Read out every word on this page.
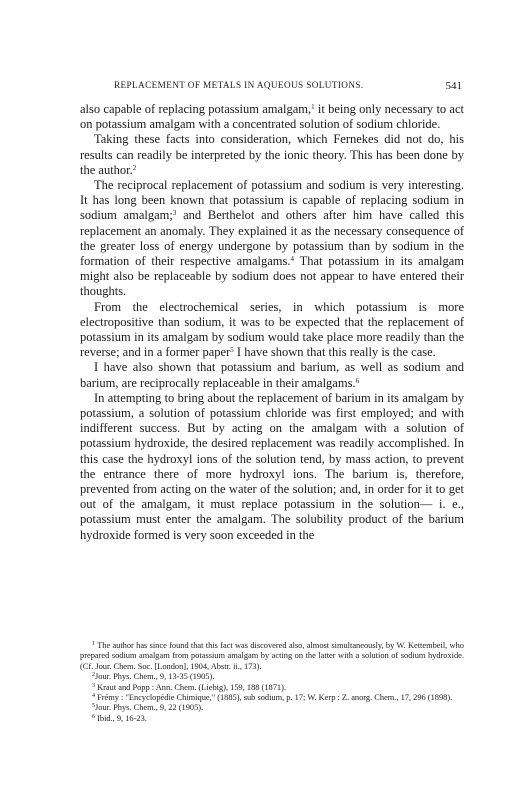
REPLACEMENT OF METALS IN AQUEOUS SOLUTIONS.	541

also capable of replacing potassium amalgam,$^1$ it being only necessary to act on potassium amalgam with a concentrated solution of sodium chloride.

Taking these facts into consideration, which Fernekes did not do, his results can readily be interpreted by the ionic theory. This has been done by the author.$^2$

The reciprocal replacement of potassium and sodium is very interesting. It has long been known that potassium is capable of replacing sodium in sodium amalgam;$^3$ and Berthelot and others after him have called this replacement an anomaly. They explained it as the necessary consequence of the greater loss of energy undergone by potassium than by sodium in the formation of their respective amalgams.$^4$ That potassium in its amalgam might also be replaceable by sodium does not appear to have entered their thoughts.

From the electrochemical series, in which potassium is more electropositive than sodium, it was to be expected that the replacement of potassium in its amalgam by sodium would take place more readily than the reverse; and in a former paper$^5$ I have shown that this really is the case.

I have also shown that potassium and barium, as well as sodium and barium, are reciprocally replaceable in their amalgams.$^6$

In attempting to bring about the replacement of barium in its amalgam by potassium, a solution of potassium chloride was first employed; and with indifferent success. But by acting on the amalgam with a solution of potassium hydroxide, the desired replacement was readily accomplished. In this case the hydroxyl ions of the solution tend, by mass action, to prevent the entrance there of more hydroxyl ions. The barium is, therefore, prevented from acting on the water of the solution; and, in order for it to get out of the amalgam, it must replace potassium in the solution— i. e., potassium must enter the amalgam. The solubility product of the barium hydroxide formed is very soon exceeded in the

$^1$ The author has since found that this fact was discovered also, almost simultaneously, by W. Kettembeil, who prepared sodium amalgam from potassium amalgam by acting on the latter with a solution of sodium hydroxide. (Cf. Jour. Chem. Soc. [London], 1904, Abstr. ii., 173).

$^2$Jour. Phys. Chem., 9, 13-35 (1905).

$^3$ Kraut and Popp : Ann. Chem. (Liebig), 159, 188 (1871).

$^4$ Frémy : "Encyclopédie Chimique," (1885), sub sodium, p. 17; W. Kerp : Z. anorg. Chem., 17, 296 (1898).

$^5$Jour. Phys. Chem., 9, 22 (1905).

$^6$ Ibid., 9, 16-23.
